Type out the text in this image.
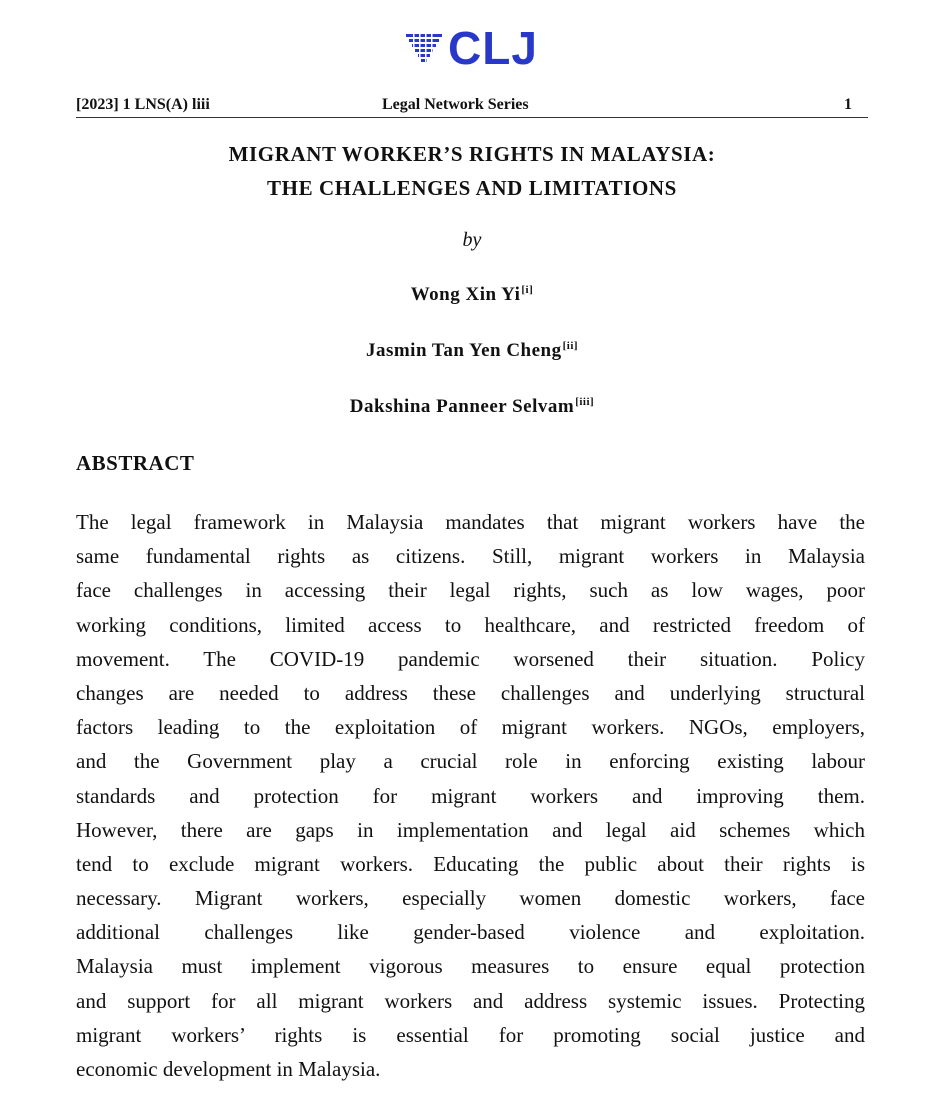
CLJ
[2023] 1 LNS(A) liii	Legal Network Series	1
MIGRANT WORKER’S RIGHTS IN MALAYSIA:
THE CHALLENGES AND LIMITATIONS
by
Wong Xin Yi[i]
Jasmin Tan Yen Cheng[ii]
Dakshina Panneer Selvam[iii]
ABSTRACT
The legal framework in Malaysia mandates that migrant workers have the
same fundamental rights as citizens. Still, migrant workers in Malaysia
face challenges in accessing their legal rights, such as low wages, poor
working conditions, limited access to healthcare, and restricted freedom of
movement. The COVID-19 pandemic worsened their situation. Policy
changes are needed to address these challenges and underlying structural
factors leading to the exploitation of migrant workers. NGOs, employers,
and the Government play a crucial role in enforcing existing labour
standards and protection for migrant workers and improving them.
However, there are gaps in implementation and legal aid schemes which
tend to exclude migrant workers. Educating the public about their rights is
necessary. Migrant workers, especially women domestic workers, face
additional challenges like gender-based violence and exploitation.
Malaysia must implement vigorous measures to ensure equal protection
and support for all migrant workers and address systemic issues. Protecting
migrant workers’ rights is essential for promoting social justice and
economic development in Malaysia.
